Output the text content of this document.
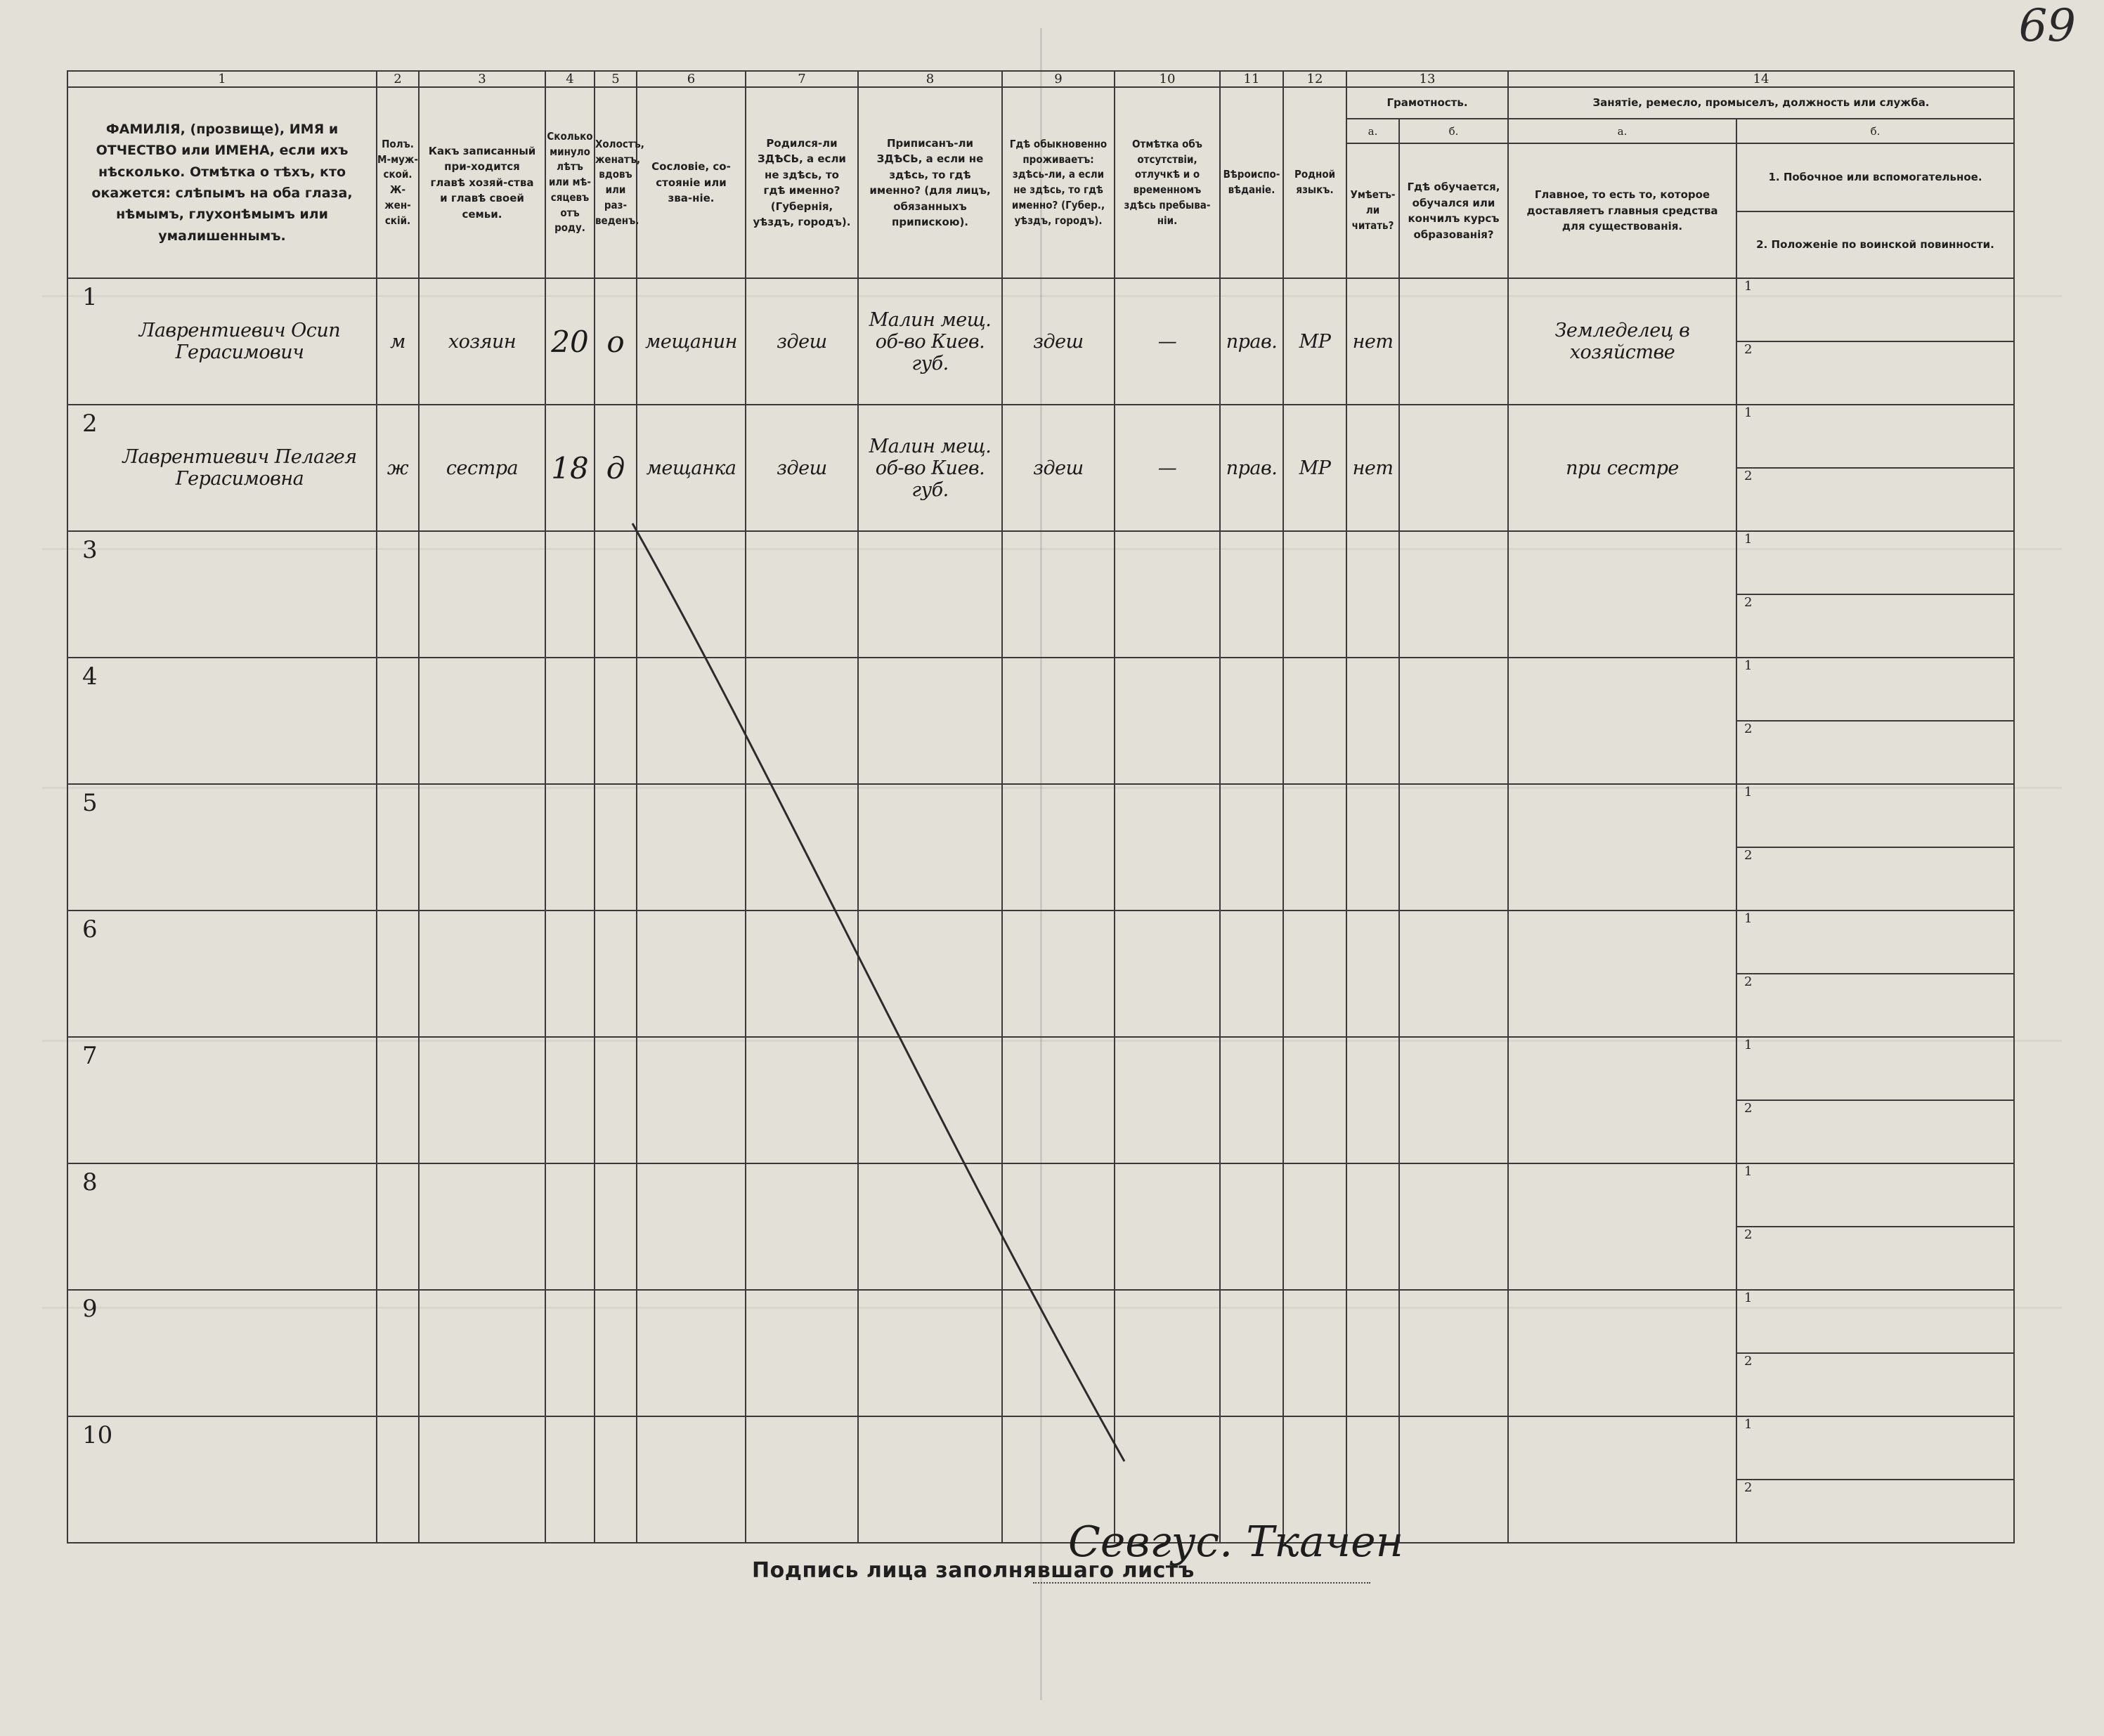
69
1	2	3	4	5	6	7	8	9	10	11	12	13		14	
ФАМИЛІЯ, (прозвище), ИМЯ и ОТЧЕСТВО или ИМЕНА, если ихъ нѣсколько. Отмѣтка о тѣхъ, кто окажется: слѣпымъ на оба глаза, нѣмымъ, глухонѣмымъ или умалишеннымъ.	Полъ. М-муж-ской. Ж-жен-скій.	Какъ записанный при-ходится главѣ хозяй-ства и главѣ своей семьи.	Сколько минуло лѣтъ или мѣ-сяцевъ отъ роду.	Холостъ, женатъ, вдовъ или раз-веденъ.	Сословіе, со-стояніе или зва-ніе.	Родился-ли ЗДѢСЬ, а если не здѣсь, то гдѣ именно? (Губернія, уѣздъ, городъ).	Приписанъ-ли ЗДѢСЬ, а если не здѣсь, то гдѣ именно? (для лицъ, обязанныхъ припискою).	Гдѣ обыкновенно проживаетъ: здѣсь-ли, а если не здѣсь, то гдѣ именно? (Губер., уѣздъ, городъ).	Отмѣтка объ отсутствіи, отлучкѣ и о временномъ здѣсь пребыва-ніи.	Вѣроиспо-вѣданіе.	Родной языкъ.	Грамотность.		Занятіе, ремесло, промыселъ, должность или служба.	
												а.	б.	а.	б.
												Умѣетъ-ли читать?	Гдѣ обучается, обучался или кончилъ курсъ образованія?	Главное, то есть то, которое доставляетъ главныя средства для существованія.	1. Побочное или вспомогательное.
2. Положеніе по воинской повинности.

1
Лаврентиевич Осип Герасимович	м	хозяин	20	о	мещанин	здеш	Малин мещ. об-во Киев. губ.	здеш	—	прав.	МР	нет		Земледелец в хозяйстве	1
															2

2
Лаврентиевич Пелагея Герасимовна	ж	сестра	18	д	мещанка	здеш	Малин мещ. об-во Киев. губ.	здеш	—	прав.	МР	нет		при сестре	1
															2
3															1
															2
4															1
															2
5															1
															2
6															1
															2
7															1
															2
8															1
															2
9															1
															2
10															1
															2
Подпись лица заполнявшаго листъ
Севгус. Ткачен
